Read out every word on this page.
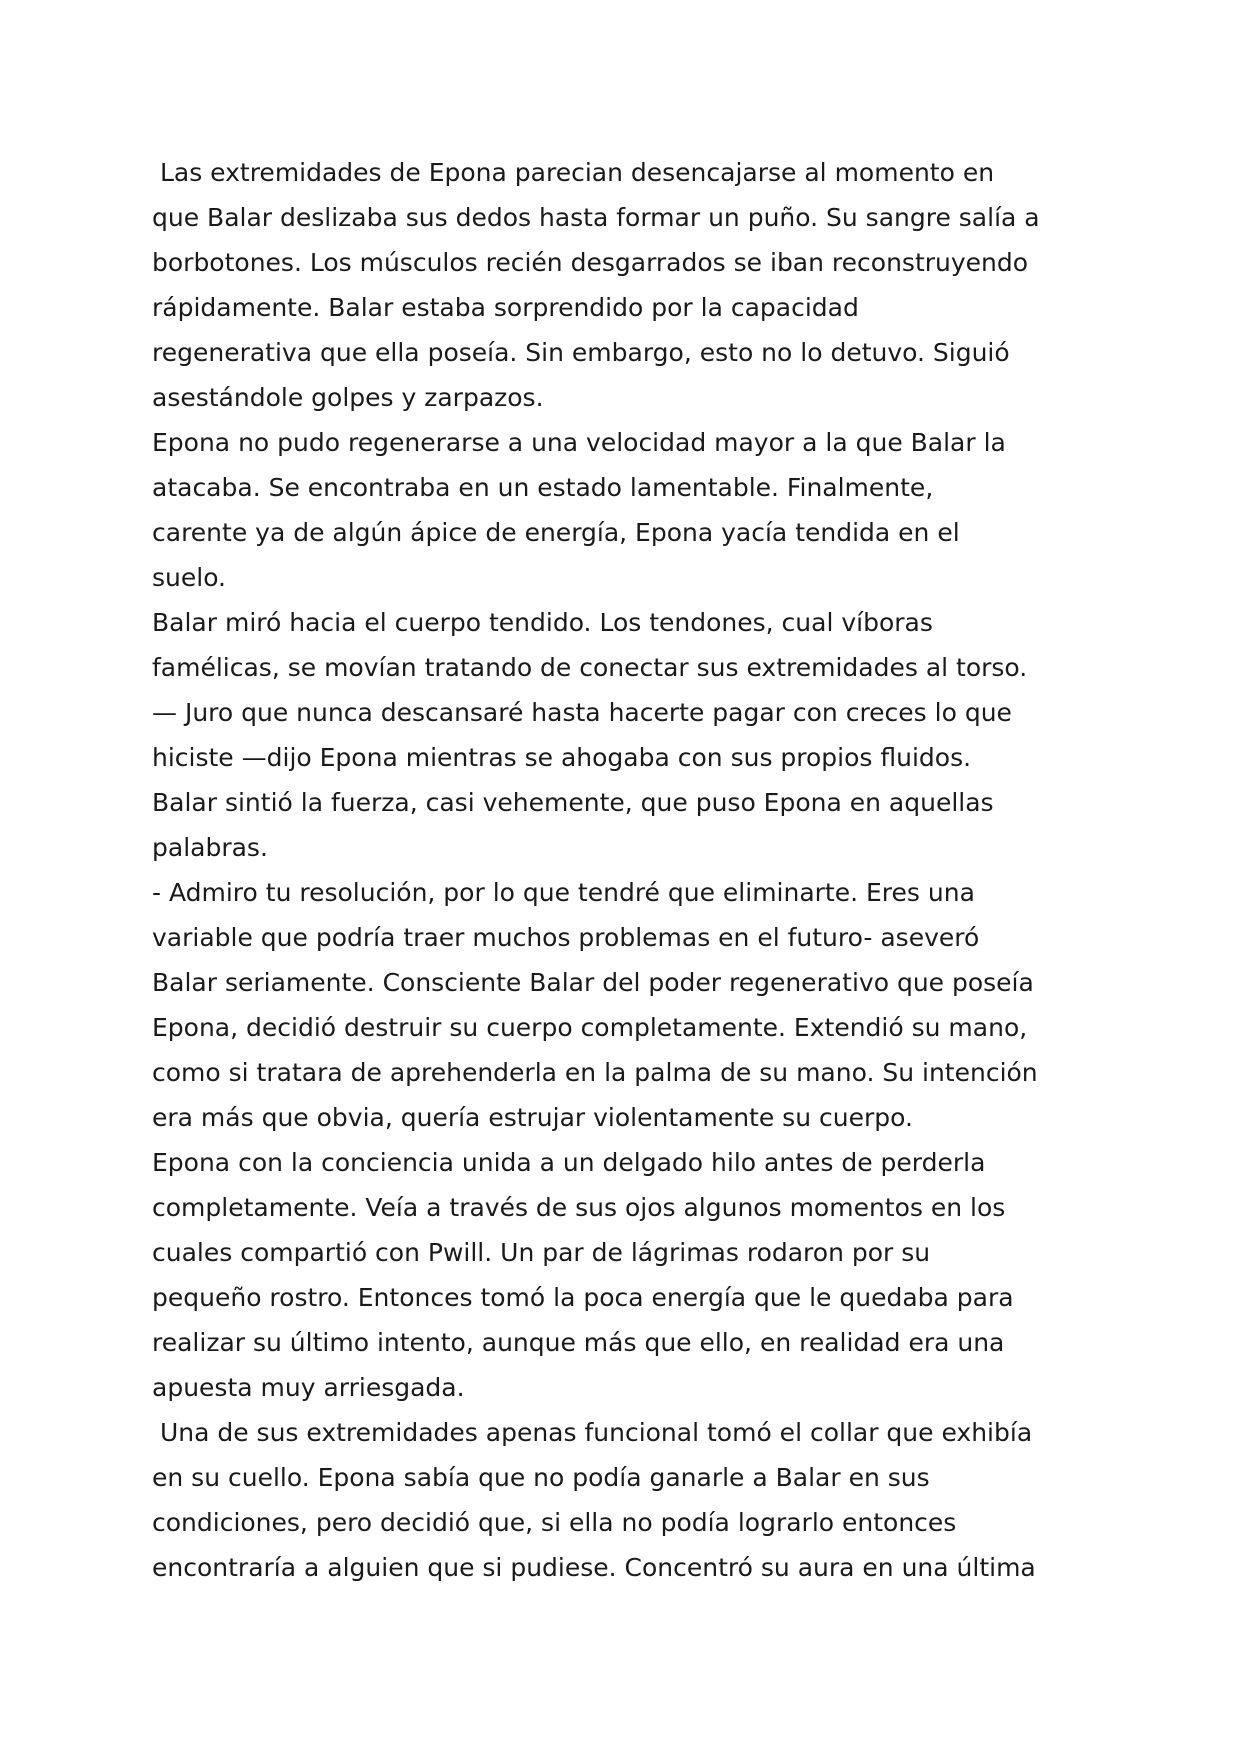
Las extremidades de Epona parecian desencajarse al momento en
que Balar deslizaba sus dedos hasta formar un puño. Su sangre salía a
borbotones. Los músculos recién desgarrados se iban reconstruyendo
rápidamente. Balar estaba sorprendido por la capacidad
regenerativa que ella poseía. Sin embargo, esto no lo detuvo. Siguió
asestándole golpes y zarpazos.
Epona no pudo regenerarse a una velocidad mayor a la que Balar la
atacaba. Se encontraba en un estado lamentable. Finalmente,
carente ya de algún ápice de energía, Epona yacía tendida en el
suelo.
Balar miró hacia el cuerpo tendido. Los tendones, cual víboras
famélicas, se movían tratando de conectar sus extremidades al torso.
— Juro que nunca descansaré hasta hacerte pagar con creces lo que
hiciste —dijo Epona mientras se ahogaba con sus propios fluidos.
Balar sintió la fuerza, casi vehemente, que puso Epona en aquellas
palabras.
- Admiro tu resolución, por lo que tendré que eliminarte. Eres una
variable que podría traer muchos problemas en el futuro- aseveró
Balar seriamente. Consciente Balar del poder regenerativo que poseía
Epona, decidió destruir su cuerpo completamente. Extendió su mano,
como si tratara de aprehenderla en la palma de su mano. Su intención
era más que obvia, quería estrujar violentamente su cuerpo.
Epona con la conciencia unida a un delgado hilo antes de perderla
completamente. Veía a través de sus ojos algunos momentos en los
cuales compartió con Pwill. Un par de lágrimas rodaron por su
pequeño rostro. Entonces tomó la poca energía que le quedaba para
realizar su último intento, aunque más que ello, en realidad era una
apuesta muy arriesgada.
Una de sus extremidades apenas funcional tomó el collar que exhibía
en su cuello. Epona sabía que no podía ganarle a Balar en sus
condiciones, pero decidió que, si ella no podía lograrlo entonces
encontraría a alguien que si pudiese. Concentró su aura en una última
